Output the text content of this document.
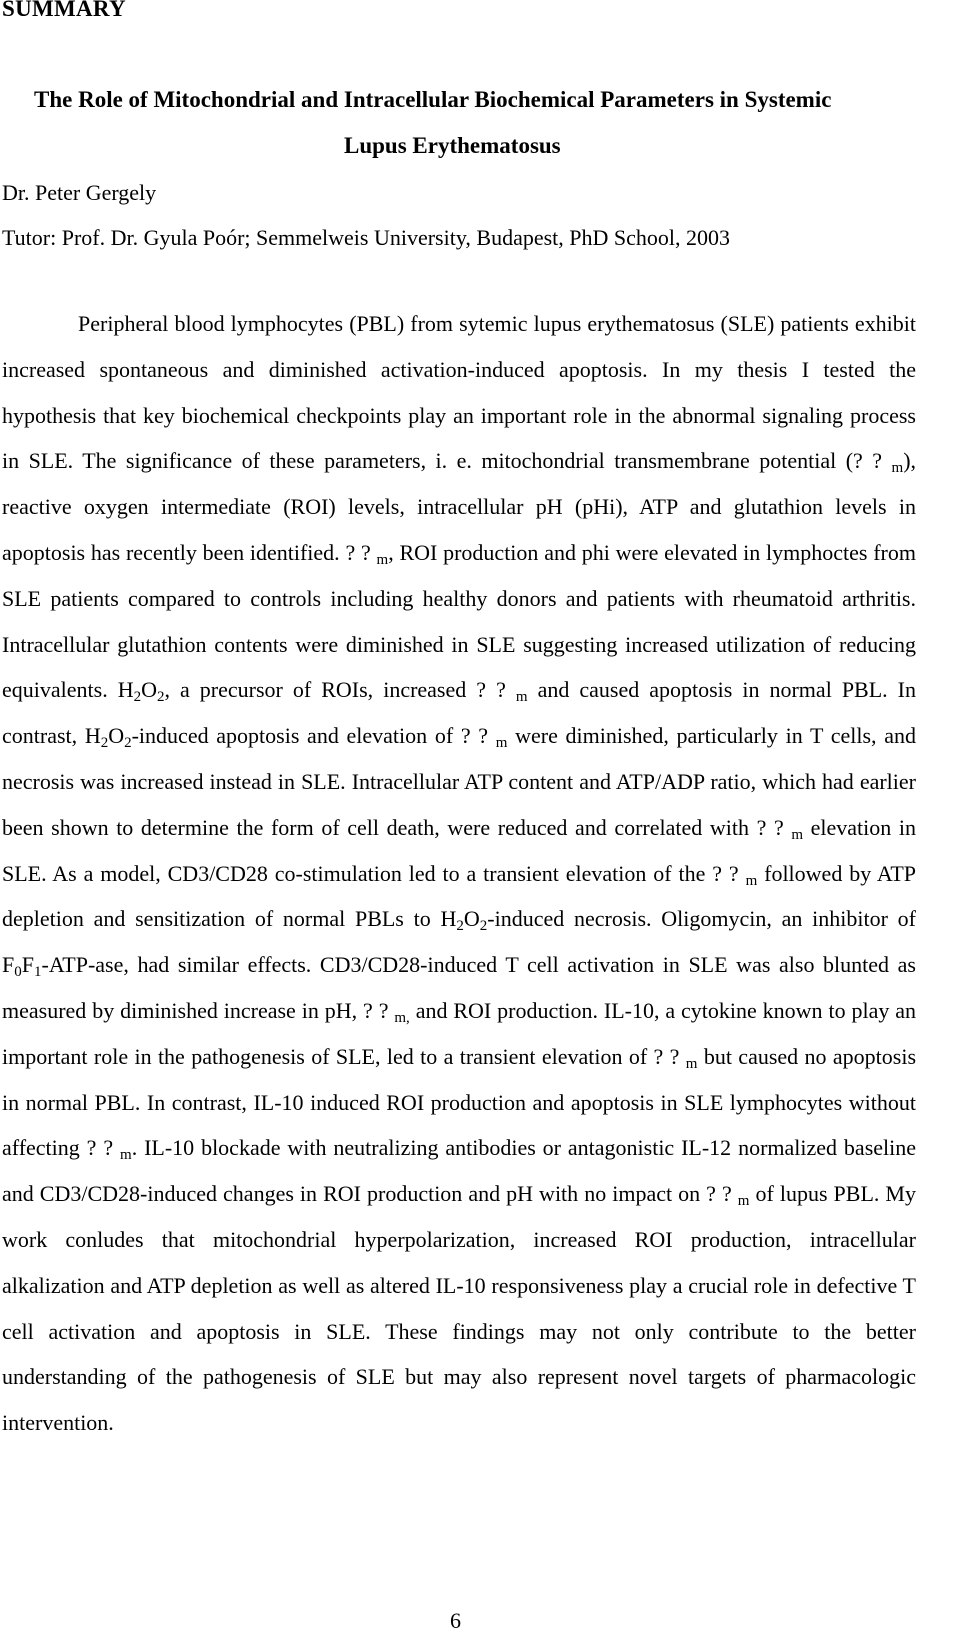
SUMMARY
The Role of Mitochondrial and Intracellular Biochemical Parameters in Systemic
Lupus Erythematosus
Dr. Peter Gergely
Tutor: Prof. Dr. Gyula Poór; Semmelweis University, Budapest, PhD School, 2003

Peripheral blood lymphocytes (PBL) from sytemic lupus erythematosus (SLE) patients exhibit increased spontaneous and diminished activation-induced apoptosis. In my thesis I tested the hypothesis that key biochemical checkpoints play an important role in the abnormal signaling process in SLE. The significance of these parameters, i. e. mitochondrial transmembrane potential (? ? $_m$), reactive oxygen intermediate (ROI) levels, intracellular pH (pHi), ATP and glutathion levels in apoptosis has recently been identified. ? ? $_m$, ROI production and phi were elevated in lymphoctes from SLE patients compared to controls including healthy donors and patients with rheumatoid arthritis. Intracellular glutathion contents were diminished in SLE suggesting increased utilization of reducing equivalents. $H_2O_2$, a precursor of ROIs, increased ? ? $_m$ and caused apoptosis in normal PBL. In contrast, $H_2O_2$-induced apoptosis and elevation of ? ? $_m$ were diminished, particularly in T cells, and necrosis was increased instead in SLE. Intracellular ATP content and ATP/ADP ratio, which had earlier been shown to determine the form of cell death, were reduced and correlated with ? ? $_m$ elevation in SLE. As a model, CD3/CD28 co-stimulation led to a transient elevation of the ? ? $_m$ followed by ATP depletion and sensitization of normal PBLs to $H_2O_2$-induced necrosis. Oligomycin, an inhibitor of $F_0F_1-ATP$-ase, had similar effects. CD3/CD28-induced T cell activation in SLE was also blunted as measured by diminished increase in pH, ? ? $_{m,}$ and ROI production. IL-10, a cytokine known to play an important role in the pathogenesis of SLE, led to a transient elevation of ? ? $_m$ but caused no apoptosis in normal PBL. In contrast, IL-10 induced ROI production and apoptosis in SLE lymphocytes without affecting ? ? $_m$. IL-10 blockade with neutralizing antibodies or antagonistic IL-12 normalized baseline and CD3/CD28-induced changes in ROI production and pH with no impact on ? ? $_m$ of lupus PBL. My work conludes that mitochondrial hyperpolarization, increased ROI production, intracellular alkalization and ATP depletion as well as altered IL-10 responsiveness play a crucial role in defective T cell activation and apoptosis in SLE. These findings may not only contribute to the better understanding of the pathogenesis of SLE but may also represent novel targets of pharmacologic intervention.

6
